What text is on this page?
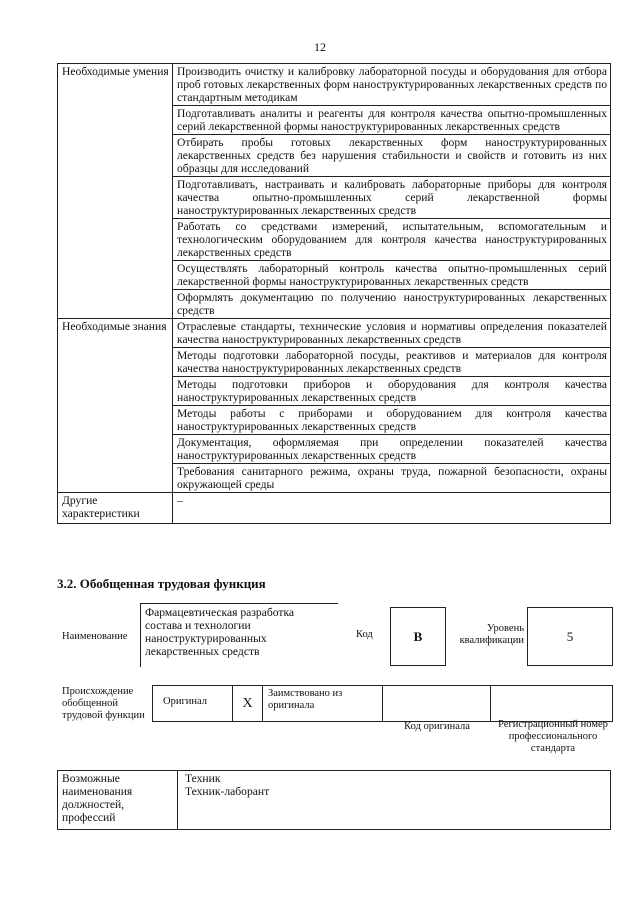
12
Необходимые умения	Производить очистку и калибровку лабораторной посуды и оборудования для отбора проб готовых лекарственных форм наноструктурированных лекарственных средств по стандартным методикам
	Подготавливать аналиты и реагенты для контроля качества опытно-промышленных серий лекарственной формы наноструктурированных лекарственных средств
	Отбирать пробы готовых лекарственных форм наноструктурированных лекарственных средств без нарушения стабильности и свойств и готовить из них образцы для исследований
	Подготавливать, настраивать и калибровать лабораторные приборы для контроля качества опытно-промышленных серий лекарственной формы наноструктурированных лекарственных средств
	Работать со средствами измерений, испытательным, вспомогательным и технологическим оборудованием для контроля качества наноструктурированных лекарственных средств
	Осуществлять лабораторный контроль качества опытно-промышленных серий лекарственной формы наноструктурированных лекарственных средств
	Оформлять документацию по получению наноструктурированных лекарственных средств
Необходимые знания	Отраслевые стандарты, технические условия и нормативы определения показателей качества наноструктурированных лекарственных средств
	Методы подготовки лабораторной посуды, реактивов и материалов для контроля качества наноструктурированных лекарственных средств
	Методы подготовки приборов и оборудования для контроля качества наноструктурированных лекарственных средств
	Методы работы с приборами и оборудованием для контроля качества наноструктурированных лекарственных средств
	Документация, оформляемая при определении показателей качества наноструктурированных лекарственных средств
	Требования санитарного режима, охраны труда, пожарной безопасности, охраны окружающей среды
Другие характеристики	–
3.2. Обобщенная трудовая функция
Наименование
Фармацевтическая разработка состава и технологии наноструктурированных лекарственных средств
Код	B	Уровень квалификации	5
Происхождение обобщенной трудовой функции
Оригинал	X
Заимствовано из оригинала
Код оригинала	Регистрационный номер профессионального стандарта
Возможные наименования должностей, профессий	
Техник
Техник-лаборант
